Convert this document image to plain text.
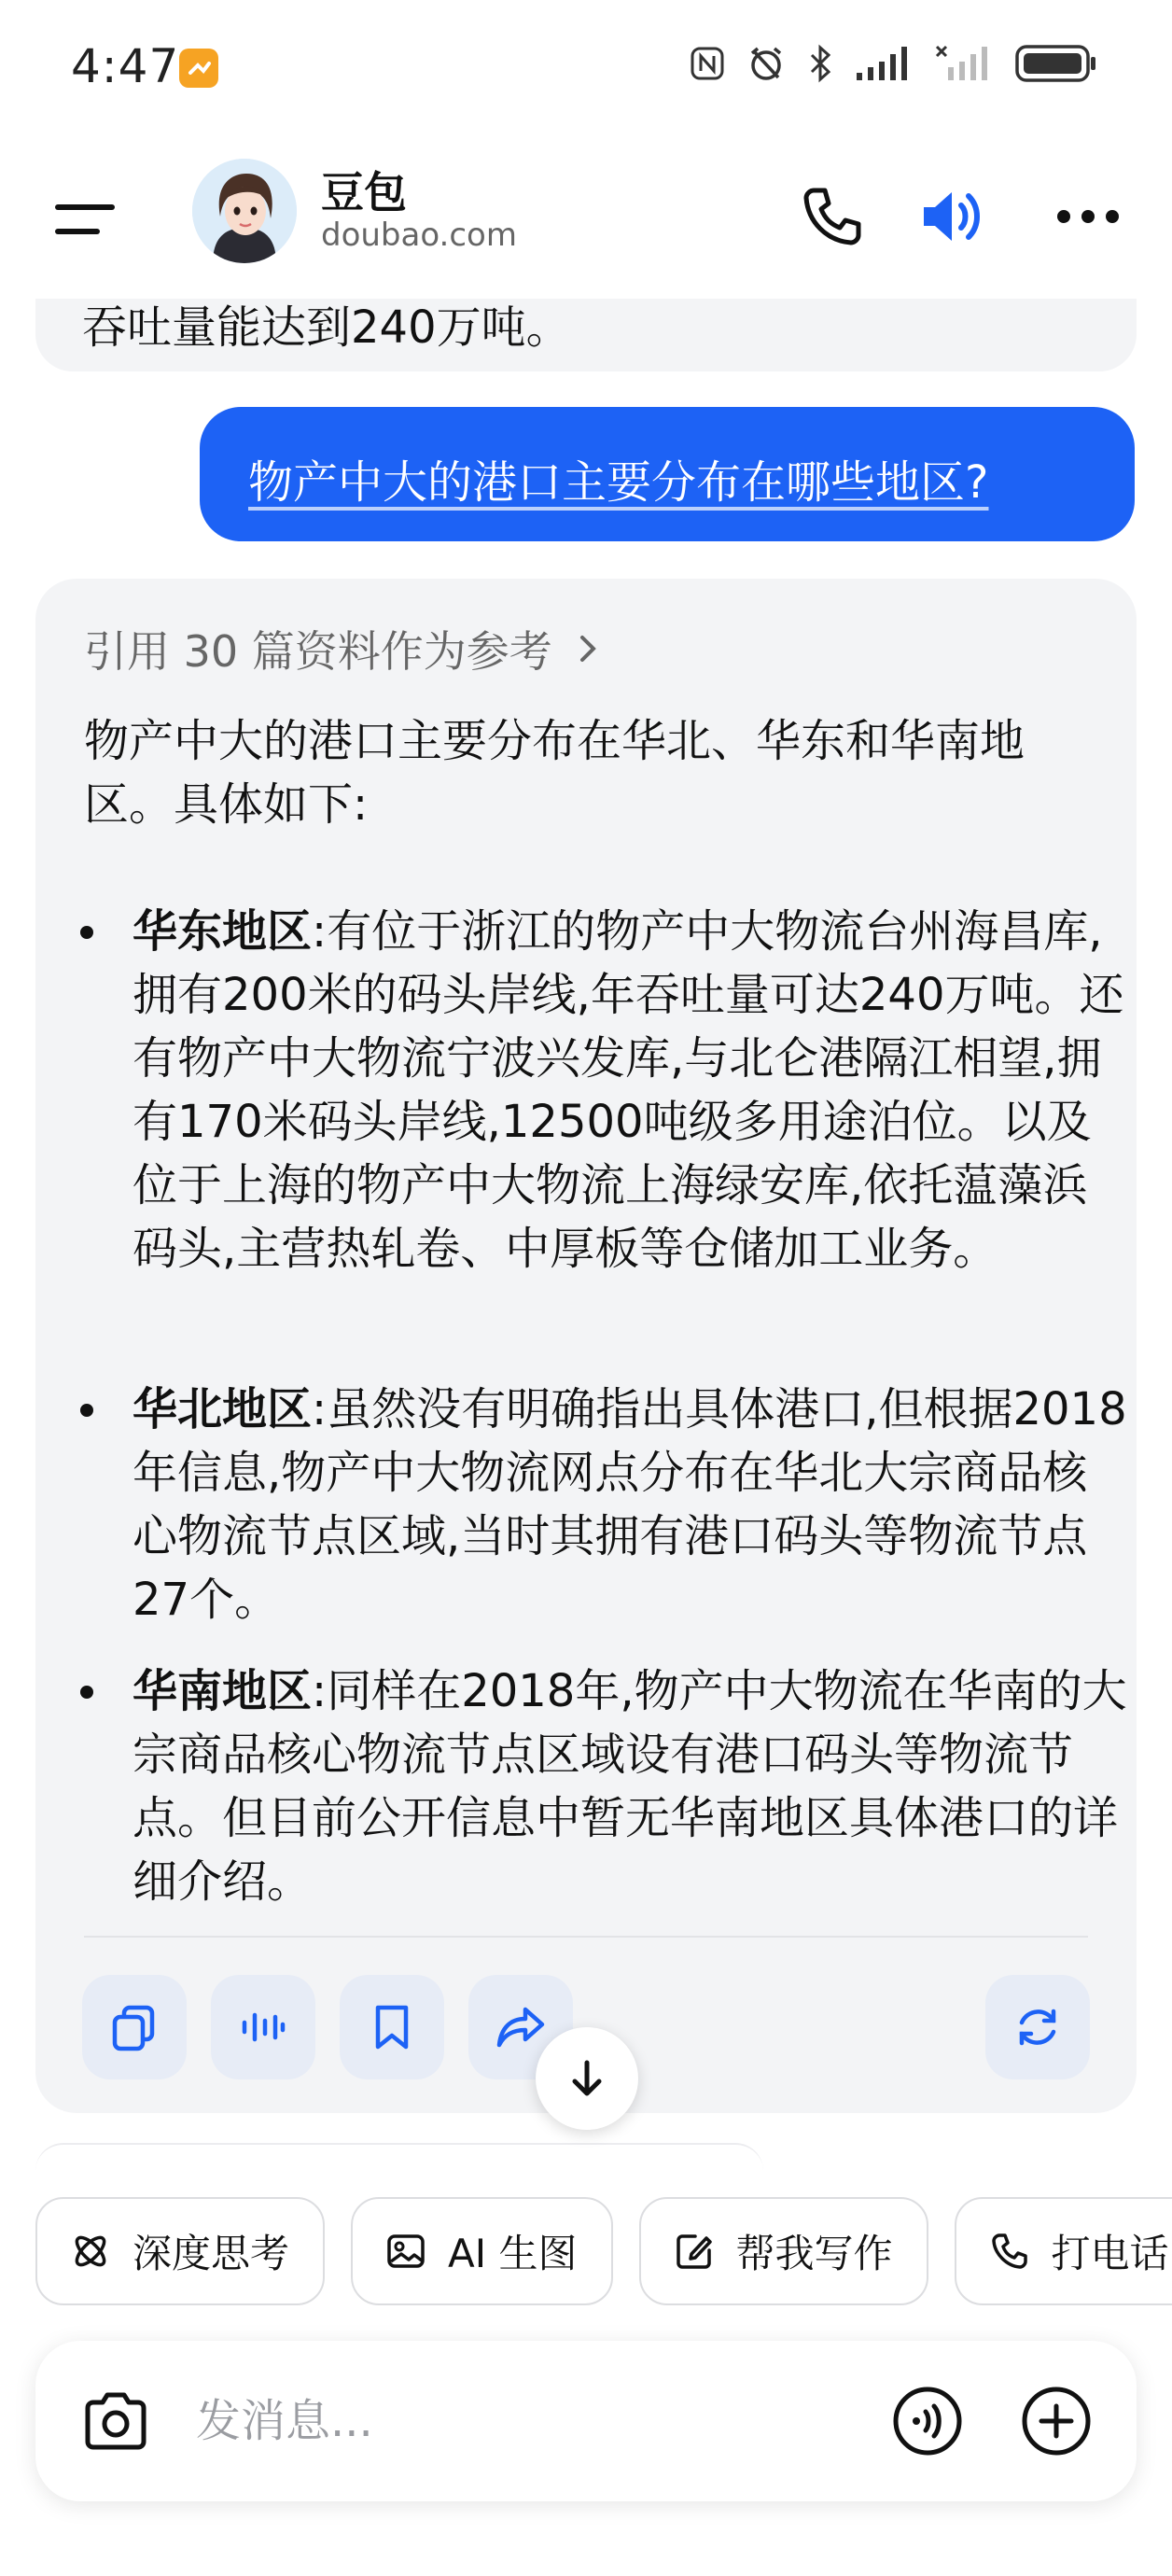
4:47
豆包
doubao.com
吞吐量能达到240万吨。
物产中大的港口主要分布在哪些地区?
引用 30 篇资料作为参考
物产中大的港口主要分布在华北、华东和华南地区。具体如下:
华东地区:有位于浙江的物产中大物流台州海昌库,拥有200米的码头岸线,年吞吐量可达240万吨。还有物产中大物流宁波兴发库,与北仑港隔江相望,拥有170米码头岸线,12500吨级多用途泊位。以及位于上海的物产中大物流上海绿安库,依托蕰藻浜码头,主营热轧卷、中厚板等仓储加工业务。
华北地区:虽然没有明确指出具体港口,但根据2018年信息,物产中大物流网点分布在华北大宗商品核心物流节点区域,当时其拥有港口码头等物流节点27个。
华南地区:同样在2018年,物产中大物流在华南的大宗商品核心物流节点区域设有港口码头等物流节点。但目前公开信息中暂无华南地区具体港口的详细介绍。
深度思考	AI 生图	帮我写作	打电话
发消息...
